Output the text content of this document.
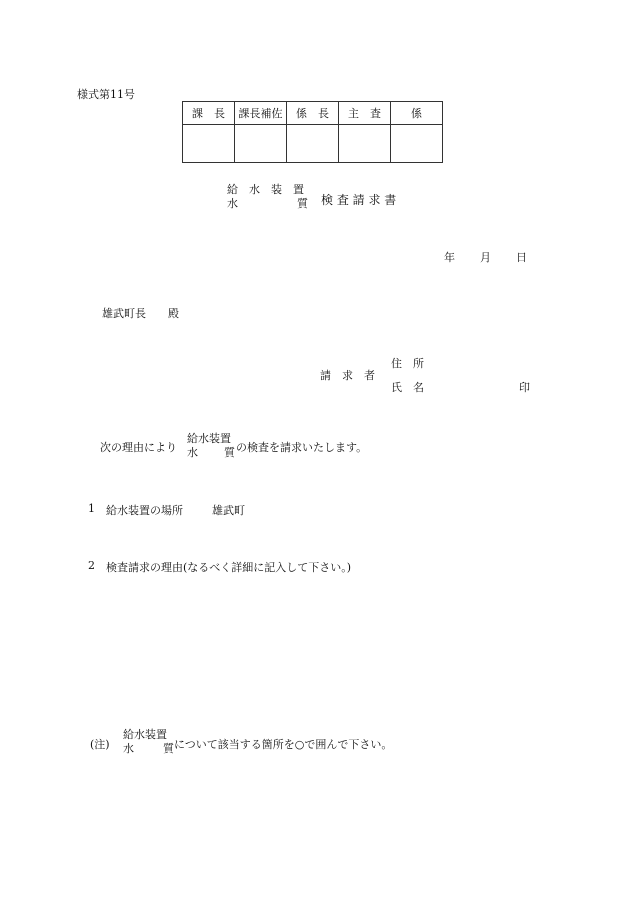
様式第11号
課　長	課長補佐	係　長	主　査	係

給　水　装　置
水	質 検 査 請 求 書
年 月 日
雄武町長　　殿
請　求　者
住　所
氏　名	印
次の理由により
給水装置
水 質 の検査を請求いたします。
1 給水装置の場所	雄武町
2 検査請求の理由(なるべく詳細に記入して下さい。)
(注)
給水装置
水	質 について該当する箇所を○で囲んで下さい。
